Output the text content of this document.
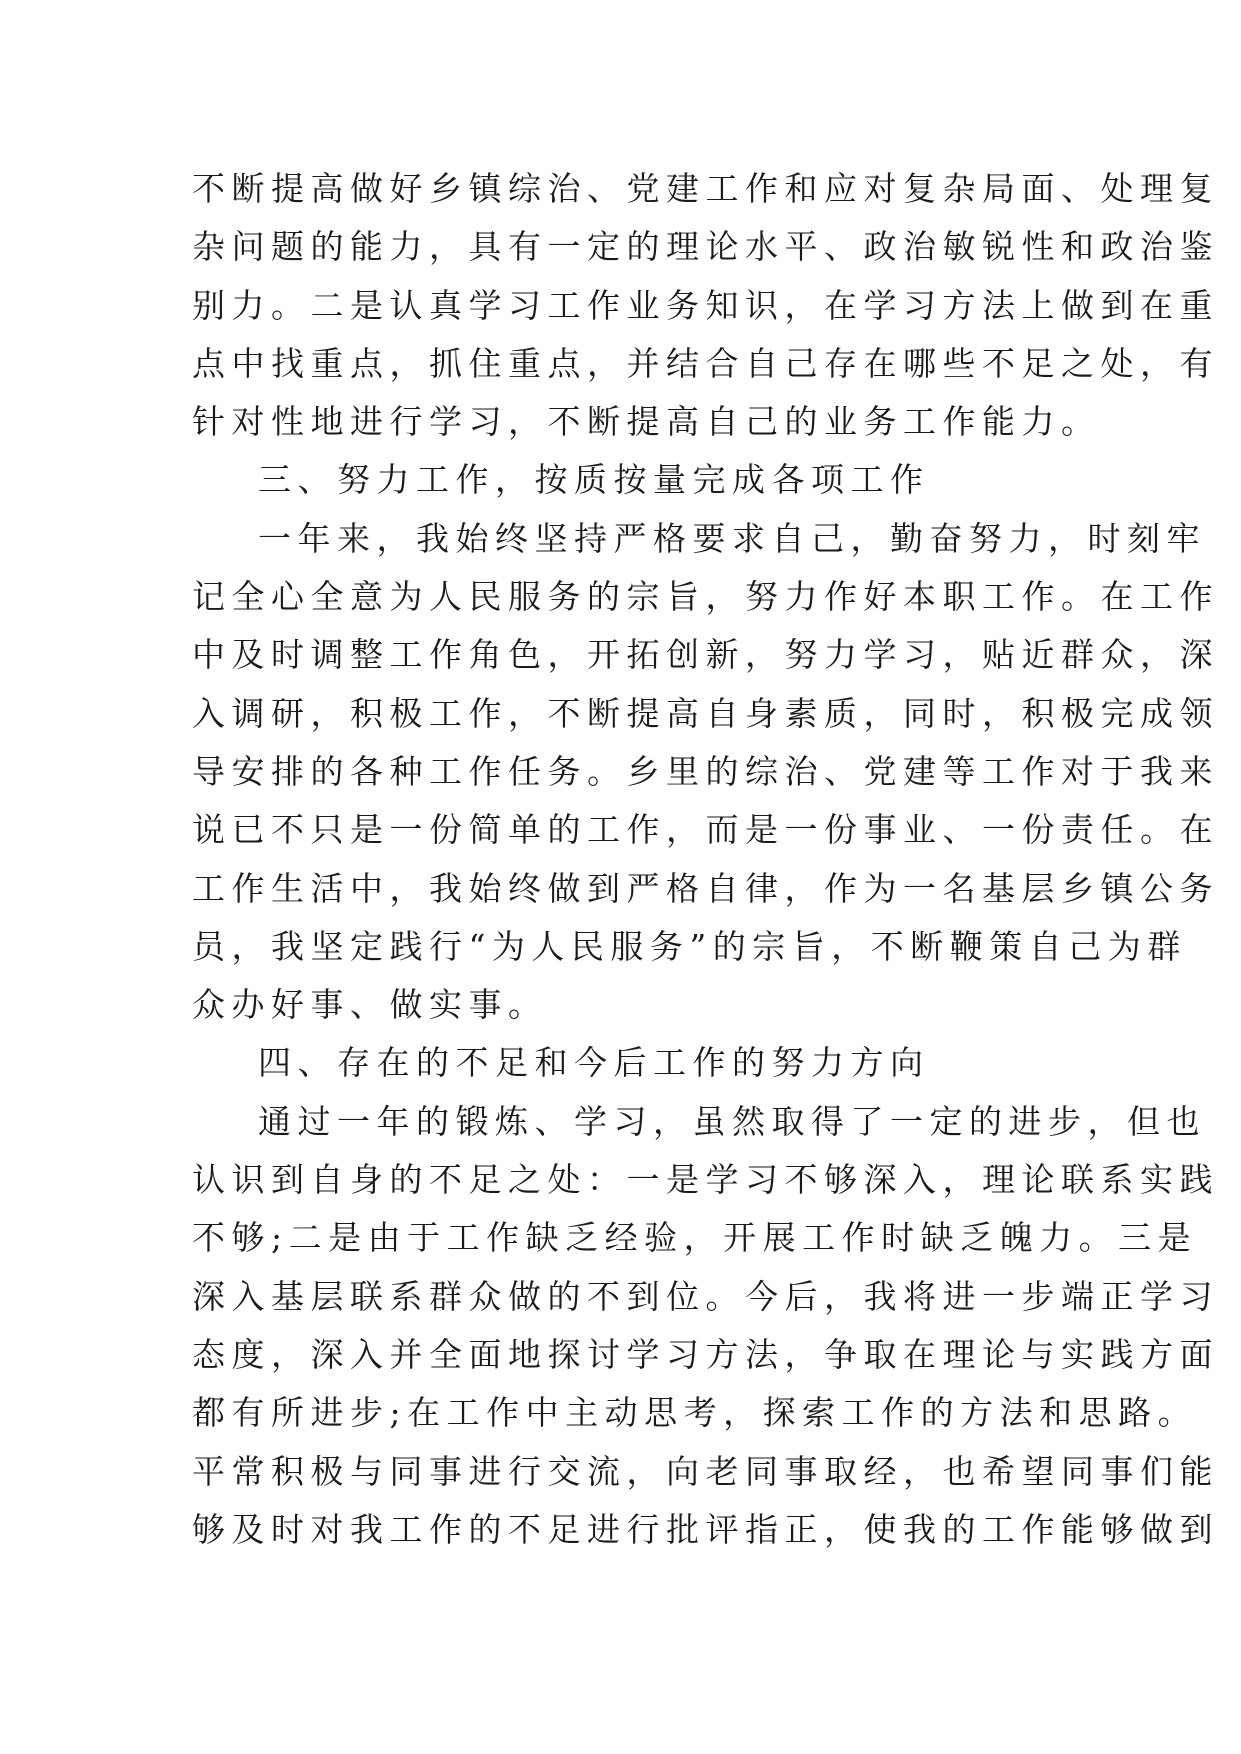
不断提高做好乡镇综治、党建工作和应对复杂局面、处理复
杂问题的能力，具有一定的理论水平、政治敏锐性和政治鉴
别力。二是认真学习工作业务知识，在学习方法上做到在重
点中找重点，抓住重点，并结合自己存在哪些不足之处，有
针对性地进行学习，不断提高自己的业务工作能力。
三、努力工作，按质按量完成各项工作
一年来，我始终坚持严格要求自己，勤奋努力，时刻牢
记全心全意为人民服务的宗旨，努力作好本职工作。在工作
中及时调整工作角色，开拓创新，努力学习，贴近群众，深
入调研，积极工作，不断提高自身素质，同时，积极完成领
导安排的各种工作任务。乡里的综治、党建等工作对于我来
说已不只是一份简单的工作，而是一份事业、一份责任。在
工作生活中，我始终做到严格自律，作为一名基层乡镇公务
员，我坚定践行“为人民服务”的宗旨，不断鞭策自己为群
众办好事、做实事。
四、存在的不足和今后工作的努力方向
通过一年的锻炼、学习，虽然取得了一定的进步，但也
认识到自身的不足之处：一是学习不够深入，理论联系实践
不够;二是由于工作缺乏经验，开展工作时缺乏魄力。三是
深入基层联系群众做的不到位。今后，我将进一步端正学习
态度，深入并全面地探讨学习方法，争取在理论与实践方面
都有所进步;在工作中主动思考，探索工作的方法和思路。
平常积极与同事进行交流，向老同事取经，也希望同事们能
够及时对我工作的不足进行批评指正，使我的工作能够做到
